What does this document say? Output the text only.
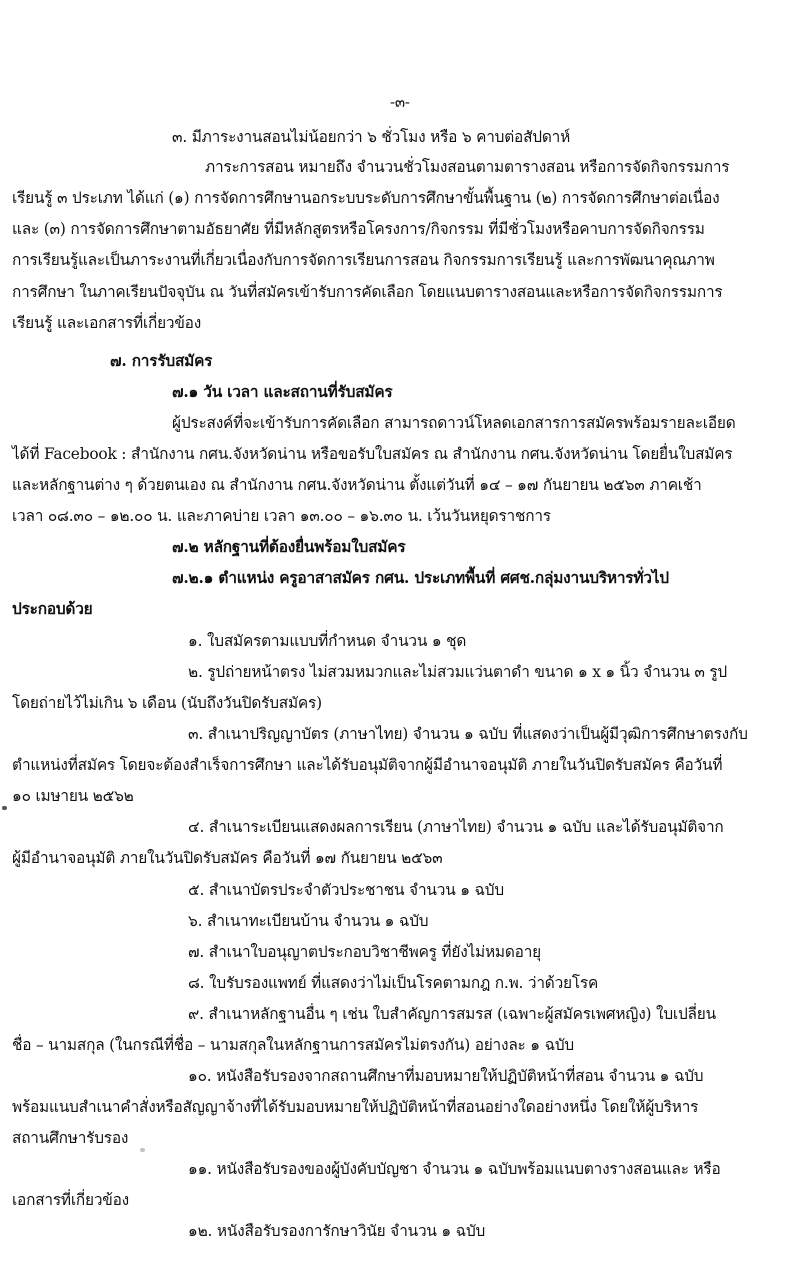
-๓-

๓. มีภาระงานสอนไม่น้อยกว่า ๖ ชั่วโมง หรือ ๖ คาบต่อสัปดาห์

ภาระการสอน หมายถึง จำนวนชั่วโมงสอนตามตารางสอน หรือการจัดกิจกรรมการ

เรียนรู้ ๓ ประเภท ได้แก่ (๑) การจัดการศึกษานอกระบบระดับการศึกษาขั้นพื้นฐาน (๒) การจัดการศึกษาต่อเนื่อง

และ (๓) การจัดการศึกษาตามอัธยาศัย ที่มีหลักสูตรหรือโครงการ/กิจกรรม ที่มีชั่วโมงหรือคาบการจัดกิจกรรม

การเรียนรู้และเป็นภาระงานที่เกี่ยวเนื่องกับการจัดการเรียนการสอน กิจกรรมการเรียนรู้ และการพัฒนาคุณภาพ

การศึกษา ในภาคเรียนปัจจุบัน ณ วันที่สมัครเข้ารับการคัดเลือก โดยแนบตารางสอนและหรือการจัดกิจกรรมการ

เรียนรู้ และเอกสารที่เกี่ยวข้อง

๗. การรับสมัคร

๗.๑ วัน เวลา และสถานที่รับสมัคร

ผู้ประสงค์ที่จะเข้ารับการคัดเลือก สามารถดาวน์โหลดเอกสารการสมัครพร้อมรายละเอียด

ได้ที่ Facebook : สำนักงาน กศน.จังหวัดน่าน หรือขอรับใบสมัคร ณ สำนักงาน กศน.จังหวัดน่าน โดยยื่นใบสมัคร

และหลักฐานต่าง ๆ ด้วยตนเอง ณ สำนักงาน กศน.จังหวัดน่าน ตั้งแต่วันที่ ๑๔ – ๑๗ กันยายน ๒๕๖๓ ภาคเช้า

เวลา ๐๘.๓๐ – ๑๒.๐๐ น. และภาคบ่าย เวลา ๑๓.๐๐ – ๑๖.๓๐ น. เว้นวันหยุดราชการ

๗.๒ หลักฐานที่ต้องยื่นพร้อมใบสมัคร

๗.๒.๑ ตำแหน่ง ครูอาสาสมัคร กศน. ประเภทพื้นที่ ศศช.กลุ่มงานบริหารทั่วไป

ประกอบด้วย

๑. ใบสมัครตามแบบที่กำหนด จำนวน ๑ ชุด

๒. รูปถ่ายหน้าตรง ไม่สวมหมวกและไม่สวมแว่นตาดำ ขนาด ๑ x ๑ นิ้ว จำนวน ๓ รูป

โดยถ่ายไว้ไม่เกิน ๖ เดือน (นับถึงวันปิดรับสมัคร)

๓. สำเนาปริญญาบัตร (ภาษาไทย) จำนวน ๑ ฉบับ ที่แสดงว่าเป็นผู้มีวุฒิการศึกษาตรงกับ

ตำแหน่งที่สมัคร โดยจะต้องสำเร็จการศึกษา และได้รับอนุมัติจากผู้มีอำนาจอนุมัติ ภายในวันปิดรับสมัคร คือวันที่

๑๐ เมษายน ๒๕๖๒

๔. สำเนาระเบียนแสดงผลการเรียน (ภาษาไทย) จำนวน ๑ ฉบับ และได้รับอนุมัติจาก

ผู้มีอำนาจอนุมัติ ภายในวันปิดรับสมัคร คือวันที่ ๑๗ กันยายน ๒๕๖๓

๕. สำเนาบัตรประจำตัวประชาชน จำนวน ๑ ฉบับ

๖. สำเนาทะเบียนบ้าน จำนวน ๑ ฉบับ

๗. สำเนาใบอนุญาตประกอบวิชาชีพครู ที่ยังไม่หมดอายุ

๘. ใบรับรองแพทย์ ที่แสดงว่าไม่เป็นโรคตามกฎ ก.พ. ว่าด้วยโรค

๙. สำเนาหลักฐานอื่น ๆ เช่น ใบสำคัญการสมรส (เฉพาะผู้สมัครเพศหญิง) ใบเปลี่ยน

ชื่อ – นามสกุล (ในกรณีที่ชื่อ – นามสกุลในหลักฐานการสมัครไม่ตรงกัน) อย่างละ ๑ ฉบับ

๑๐. หนังสือรับรองจากสถานศึกษาที่มอบหมายให้ปฏิบัติหน้าที่สอน จำนวน ๑ ฉบับ

พร้อมแนบสำเนาคำสั่งหรือสัญญาจ้างที่ได้รับมอบหมายให้ปฏิบัติหน้าที่สอนอย่างใดอย่างหนึ่ง โดยให้ผู้บริหาร

สถานศึกษารับรอง

๑๑. หนังสือรับรองของผู้บังคับบัญชา จำนวน ๑ ฉบับพร้อมแนบตางรางสอนและ หรือ

เอกสารที่เกี่ยวข้อง

๑๒. หนังสือรับรองการักษาวินัย จำนวน ๑ ฉบับ
